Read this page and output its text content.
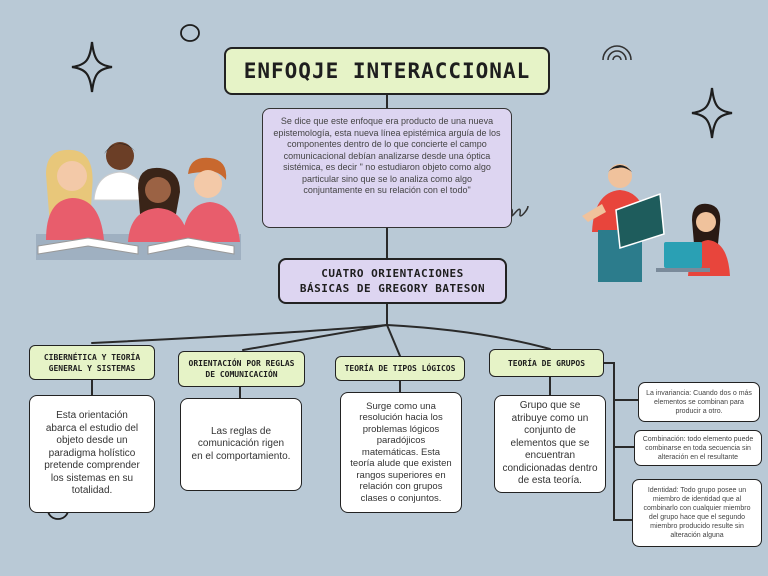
ENFOQJE INTERACCIONAL
Se dice que este enfoque era producto de una nueva epistemología, esta nueva línea epistémica arguía de los componentes dentro de lo que concierte el campo comunicacional debían analizarse desde una óptica sistémica, es decir " no estudiaron objeto como algo particular sino que se lo analiza como algo conjuntamente en su relación con el todo"
CUATRO ORIENTACIONES
BÁSICAS DE GREGORY BATESON
CIBERNÉTICA Y TEORÍA GENERAL Y SISTEMAS	ORIENTACIÓN POR REGLAS DE COMUNICACIÓN
TEORÍA DE TIPOS LÓGICOS
TEORÍA DE GRUPOS
Esta orientación abarca el estudio del objeto desde un paradigma holístico pretende comprender los sistemas en su totalidad.
Las reglas de comunicación rigen en el comportamiento.
Surge como una resolución hacia los problemas lógicos paradójicos matemáticas. Esta teoría alude que existen rangos superiores en relación con grupos clases o conjuntos.
Grupo que se atribuye como un conjunto de elementos que se encuentran condicionadas dentro de esta teoría.
La invariancia: Cuando dos o más elementos se combinan para producir a otro.
Combinación: todo elemento puede combinarse en toda secuencia sin alteración en el resultante
Identidad: Todo grupo posee un miembro de identidad que al combinarlo con cualquier miembro del grupo hace que el segundo miembro producido resulte sin alteración alguna
